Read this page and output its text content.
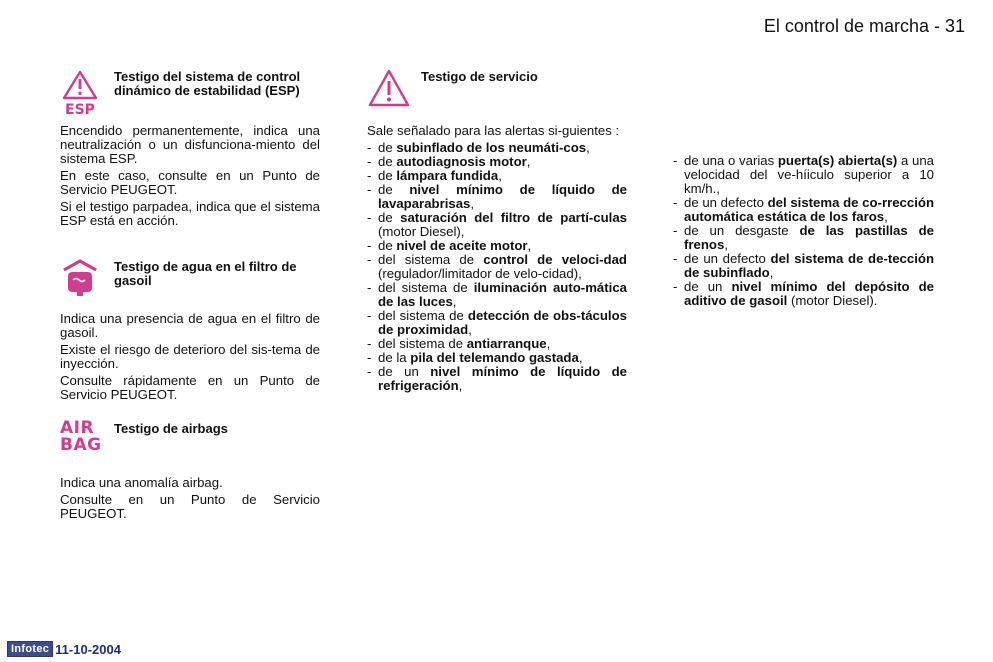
El control de marcha - 31
ESP
Testigo del sistema de control dinámico de estabilidad (ESP)

Encendido permanentemente, indica una neutralización o un disfunciona-miento del sistema ESP.

En este caso, consulte en un Punto de Servicio PEUGEOT.

Si el testigo parpadea, indica que el sistema ESP está en acción.

Testigo de agua en el filtro de gasoil

Indica una presencia de agua en el filtro de gasoil.

Existe el riesgo de deterioro del sis-tema de inyección.

Consulte rápidamente en un Punto de Servicio PEUGEOT.

AIR
BAG
Testigo de airbags

Indica una anomalía airbag.

Consulte en un Punto de Servicio PEUGEOT.

Testigo de servicio

Sale señalado para las alertas si-guientes :

- de subinflado de los neumáti-cos,
- de autodiagnosis motor,
- de lámpara fundida,
- de nivel mínimo de líquido de lavaparabrisas,
- de saturación del filtro de partí-culas (motor Diesel),
- de nivel de aceite motor,
- del sistema de control de veloci-dad (regulador/limitador de velo-cidad),
- del sistema de iluminación auto-mática de las luces,
- del sistema de detección de obs-táculos de proximidad,
- del sistema de antiarranque,
- de la pila del telemando gastada,
- de un nivel mínimo de líquido de refrigeración,
- de una o varias puerta(s) abierta(s) a una velocidad del ve-híiculo superior a 10 km/h.,
- de un defecto del sistema de co-rrección automática estática de los faros,
- de un desgaste de las pastillas de frenos,
- de un defecto del sistema de de-tección de subinflado,
- de un nivel mínimo del depósito de aditivo de gasoil (motor Diesel).
Infotec 11-10-2004
